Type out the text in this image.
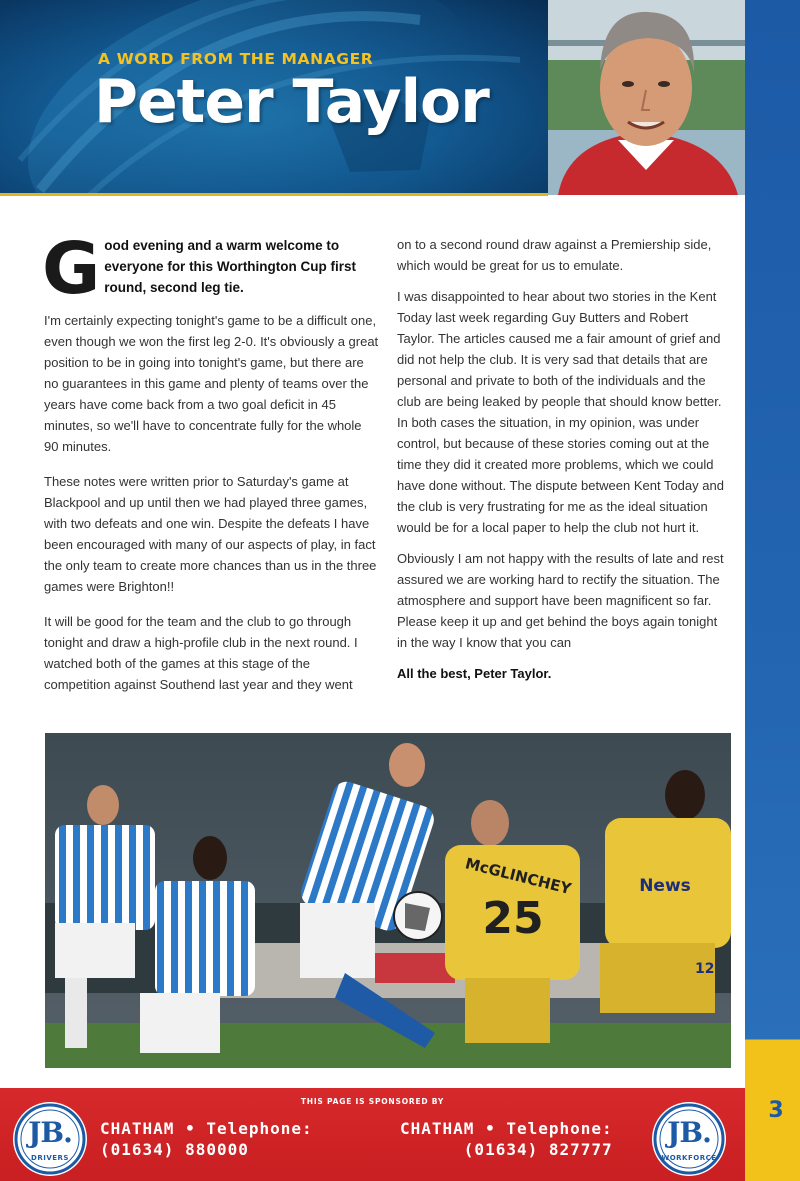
A WORD FROM THE MANAGER
Peter Taylor
G ood evening and a warm welcome to everyone for this Worthington Cup first round, second leg tie.

I'm certainly expecting tonight's game to be a difficult one, even though we won the first leg 2-0. It's obviously a great position to be in going into tonight's game, but there are no guarantees in this game and plenty of teams over the years have come back from a two goal deficit in 45 minutes, so we'll have to concentrate fully for the whole 90 minutes.

These notes were written prior to Saturday's game at Blackpool and up until then we had played three games, with two defeats and one win. Despite the defeats I have been encouraged with many of our aspects of play, in fact the only team to create more chances than us in the three games were Brighton!!

It will be good for the team and the club to go through tonight and draw a high-profile club in the next round. I watched both of the games at this stage of the competition against Southend last year and they went

on to a second round draw against a Premiership side, which would be great for us to emulate.

I was disappointed to hear about two stories in the Kent Today last week regarding Guy Butters and Robert Taylor. The articles caused me a fair amount of grief and did not help the club. It is very sad that details that are personal and private to both of the individuals and the club are being leaked by people that should know better. In both cases the situation, in my opinion, was under control, but because of these stories coming out at the time they did it created more problems, which we could have done without. The dispute between Kent Today and the club is very frustrating for me as the ideal situation would be for a local paper to help the club not hurt it.

Obviously I am not happy with the results of late and rest assured we are working hard to rectify the situation. The atmosphere and support have been magnificent so far. Please keep it up and get behind the boys again tonight in the way I know that you can

All the best, Peter Taylor.

25
McGLINCHEY	News
12
THIS PAGE IS SPONSORED BY
JB.
DRIVERS
CHATHAM • Telephone:
(01634) 880000
CHATHAM • Telephone:
(01634) 827777
JB.
WORKFORCE
3
